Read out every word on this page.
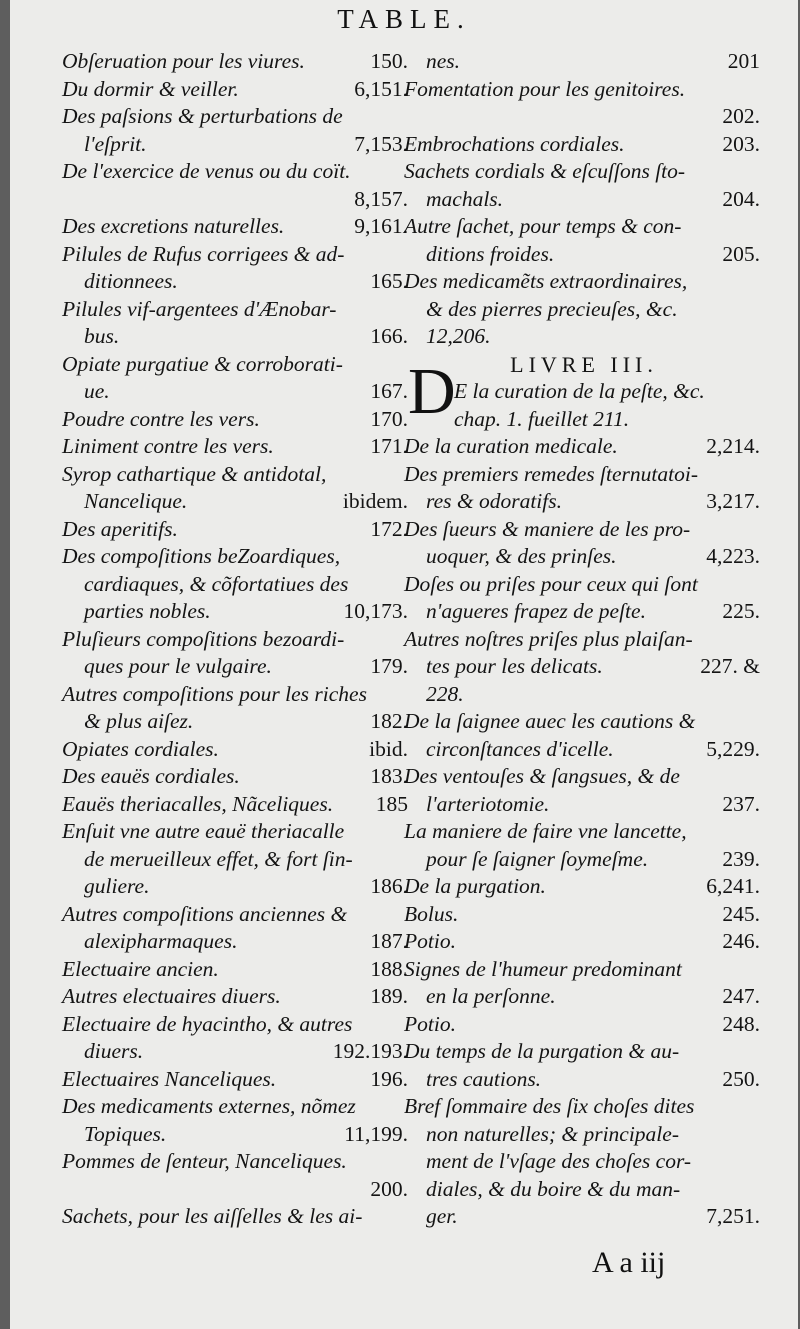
TABLE.
Obſeruation pour les viures.	150.
Du dormir & veiller.	6,151.
Des paſsions & perturbations de
l'eſprit.	7,153.
De l'exercice de venus ou du coït.
8,157.
Des excretions naturelles.	9,161.
Pilules de Rufus corrigees & ad-
ditionnees.	165.
Pilules vif-argentees d'Ænobar-
bus.	166.
Opiate purgatiue & corroborati-
ue.	167.
Poudre contre les vers.	170.
Liniment contre les vers.	171.
Syrop cathartique & antidotal,
Nancelique.	ibidem.
Des aperitifs.	172.
Des compoſitions beZoardiques,
cardiaques, & cõfortatiues des
parties nobles.	10,173.
Pluſieurs compoſitions bezoardi-
ques pour le vulgaire.	179.
Autres compoſitions pour les riches
& plus aiſez.	182.
Opiates cordiales.	ibid.
Des eauës cordiales.	183.
Eauës theriacalles, Nãceliques. 185
Enſuit vne autre eauë theriacalle
de merueilleux effet, & fort ſin-
guliere.	186.
Autres compoſitions anciennes &
alexipharmaques.	187.
Electuaire ancien.	188.
Autres electuaires diuers.	189.
Electuaire de hyacintho, & autres
diuers.	192.193.
Electuaires Nanceliques.	196.
Des medicaments externes, nõmez
Topiques.	11,199.
Pommes de ſenteur, Nanceliques.
200.
Sachets, pour les aiſſelles & les ai-
nes.	201
Fomentation pour les genitoires.
202.
Embrochations cordiales.	203.
Sachets cordials & eſcuſſons ſto-
machals.	204.
Autre ſachet, pour temps & con-
ditions froides.	205.
Des medicamẽts extraordinaires,
& des pierres precieuſes, &c.
12,206.
LIVRE III.
E la curation de la peſte, &c.
chap. 1. fueillet 211.
De la curation medicale.	2,214.
Des premiers remedes ſternutatoi-
res & odoratifs.	3,217.
Des ſueurs & maniere de les pro-
uoquer, & des prinſes.	4,223.
Doſes ou priſes pour ceux qui ſont
n'agueres frapez de peſte.	225.
Autres noſtres priſes plus plaiſan-
tes pour les delicats.	227. &
228.
De la ſaignee auec les cautions &
circonſtances d'icelle.	5,229.
Des ventouſes & ſangsues, & de
l'arteriotomie.	237.
La maniere de faire vne lancette,
pour ſe ſaigner ſoymeſme.	239.
De la purgation.	6,241.
Bolus.	245.
Potio.	246.
Signes de l'humeur predominant
en la perſonne.	247.
Potio.	248.
Du temps de la purgation & au-
tres cautions.	250.
Bref ſommaire des ſix choſes dites
non naturelles; & principale-
ment de l'vſage des choſes cor-
diales, & du boire & du man-
ger.	7,251.
D
A a iij
